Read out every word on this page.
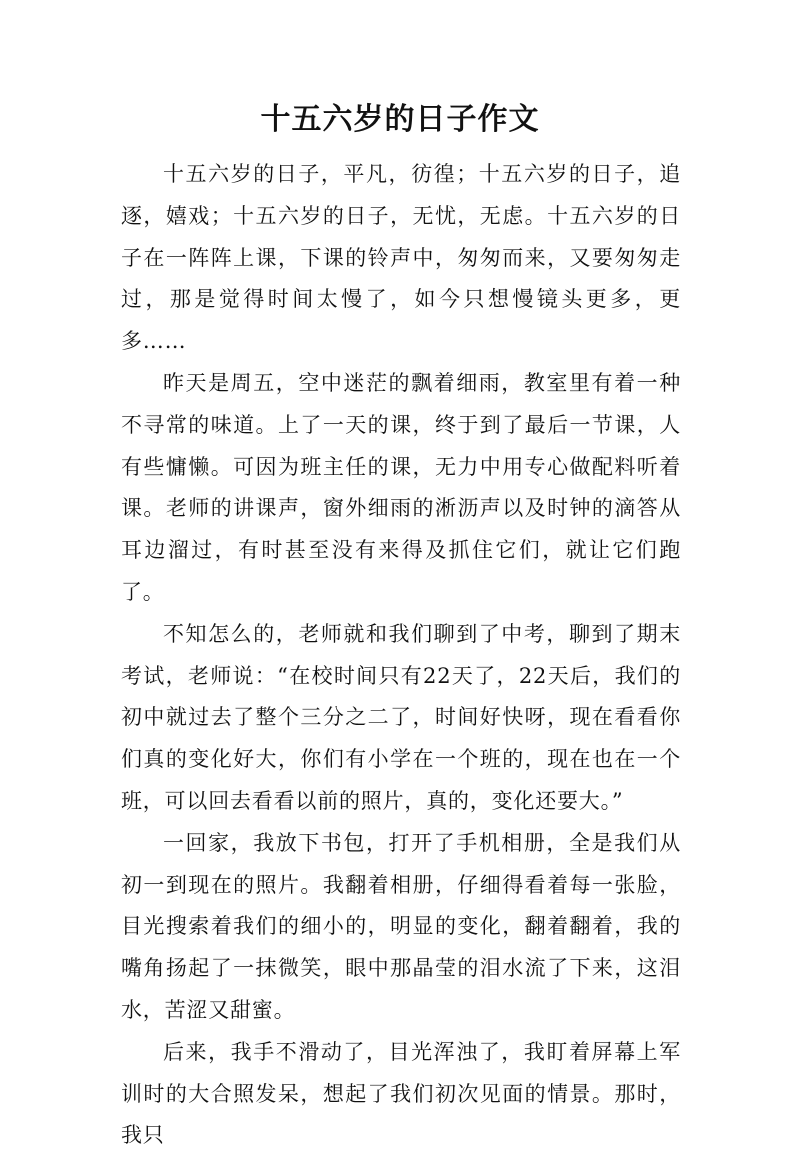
十五六岁的日子作文

十五六岁的日子，平凡，彷徨；十五六岁的日子，追逐，嬉戏；十五六岁的日子，无忧，无虑。十五六岁的日子在一阵阵上课，下课的铃声中，匆匆而来，又要匆匆走过，那是觉得时间太慢了，如今只想慢镜头更多，更多……

昨天是周五，空中迷茫的飘着细雨，教室里有着一种不寻常的味道。上了一天的课，终于到了最后一节课，人有些慵懒。可因为班主任的课，无力中用专心做配料听着课。老师的讲课声，窗外细雨的淅沥声以及时钟的滴答从耳边溜过，有时甚至没有来得及抓住它们，就让它们跑了。

不知怎么的，老师就和我们聊到了中考，聊到了期末考试，老师说：“在校时间只有22天了，22天后，我们的初中就过去了整个三分之二了，时间好快呀，现在看看你们真的变化好大，你们有小学在一个班的，现在也在一个班，可以回去看看以前的照片，真的，变化还要大。”

一回家，我放下书包，打开了手机相册，全是我们从初一到现在的照片。我翻着相册，仔细得看着每一张脸，目光搜索着我们的细小的，明显的变化，翻着翻着，我的嘴角扬起了一抹微笑，眼中那晶莹的泪水流了下来，这泪水，苦涩又甜蜜。

后来，我手不滑动了，目光浑浊了，我盯着屏幕上军训时的大合照发呆，想起了我们初次见面的情景。那时，我只
